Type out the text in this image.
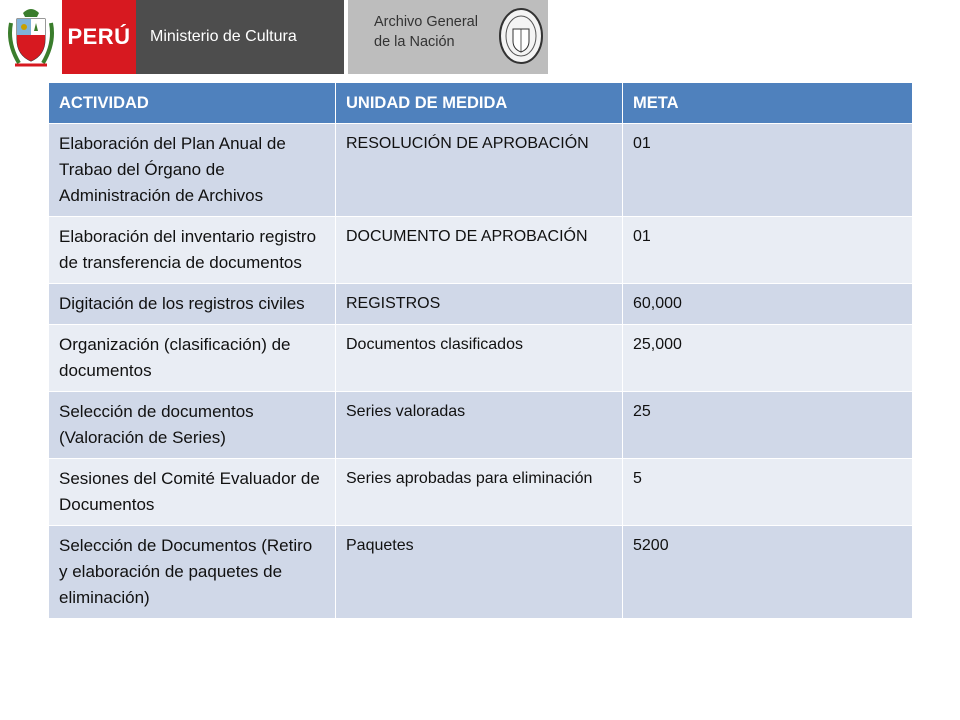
PERÚ Ministerio de Cultura
Archivo General
de la Nación
ACTIVIDAD	UNIDAD DE MEDIDA	META
Elaboración del Plan Anual de Trabao del Órgano de Administración de Archivos	RESOLUCIÓN DE APROBACIÓN	01
Elaboración del inventario registro de transferencia de documentos	DOCUMENTO DE APROBACIÓN	01
Digitación de los registros civiles	REGISTROS	60,000
Organización (clasificación) de documentos	Documentos clasificados	25,000
Selección de documentos (Valoración de Series)	Series valoradas	25
Sesiones del Comité Evaluador de Documentos	Series aprobadas para eliminación	5
Selección de Documentos (Retiro y elaboración de paquetes de eliminación)	Paquetes	5200
